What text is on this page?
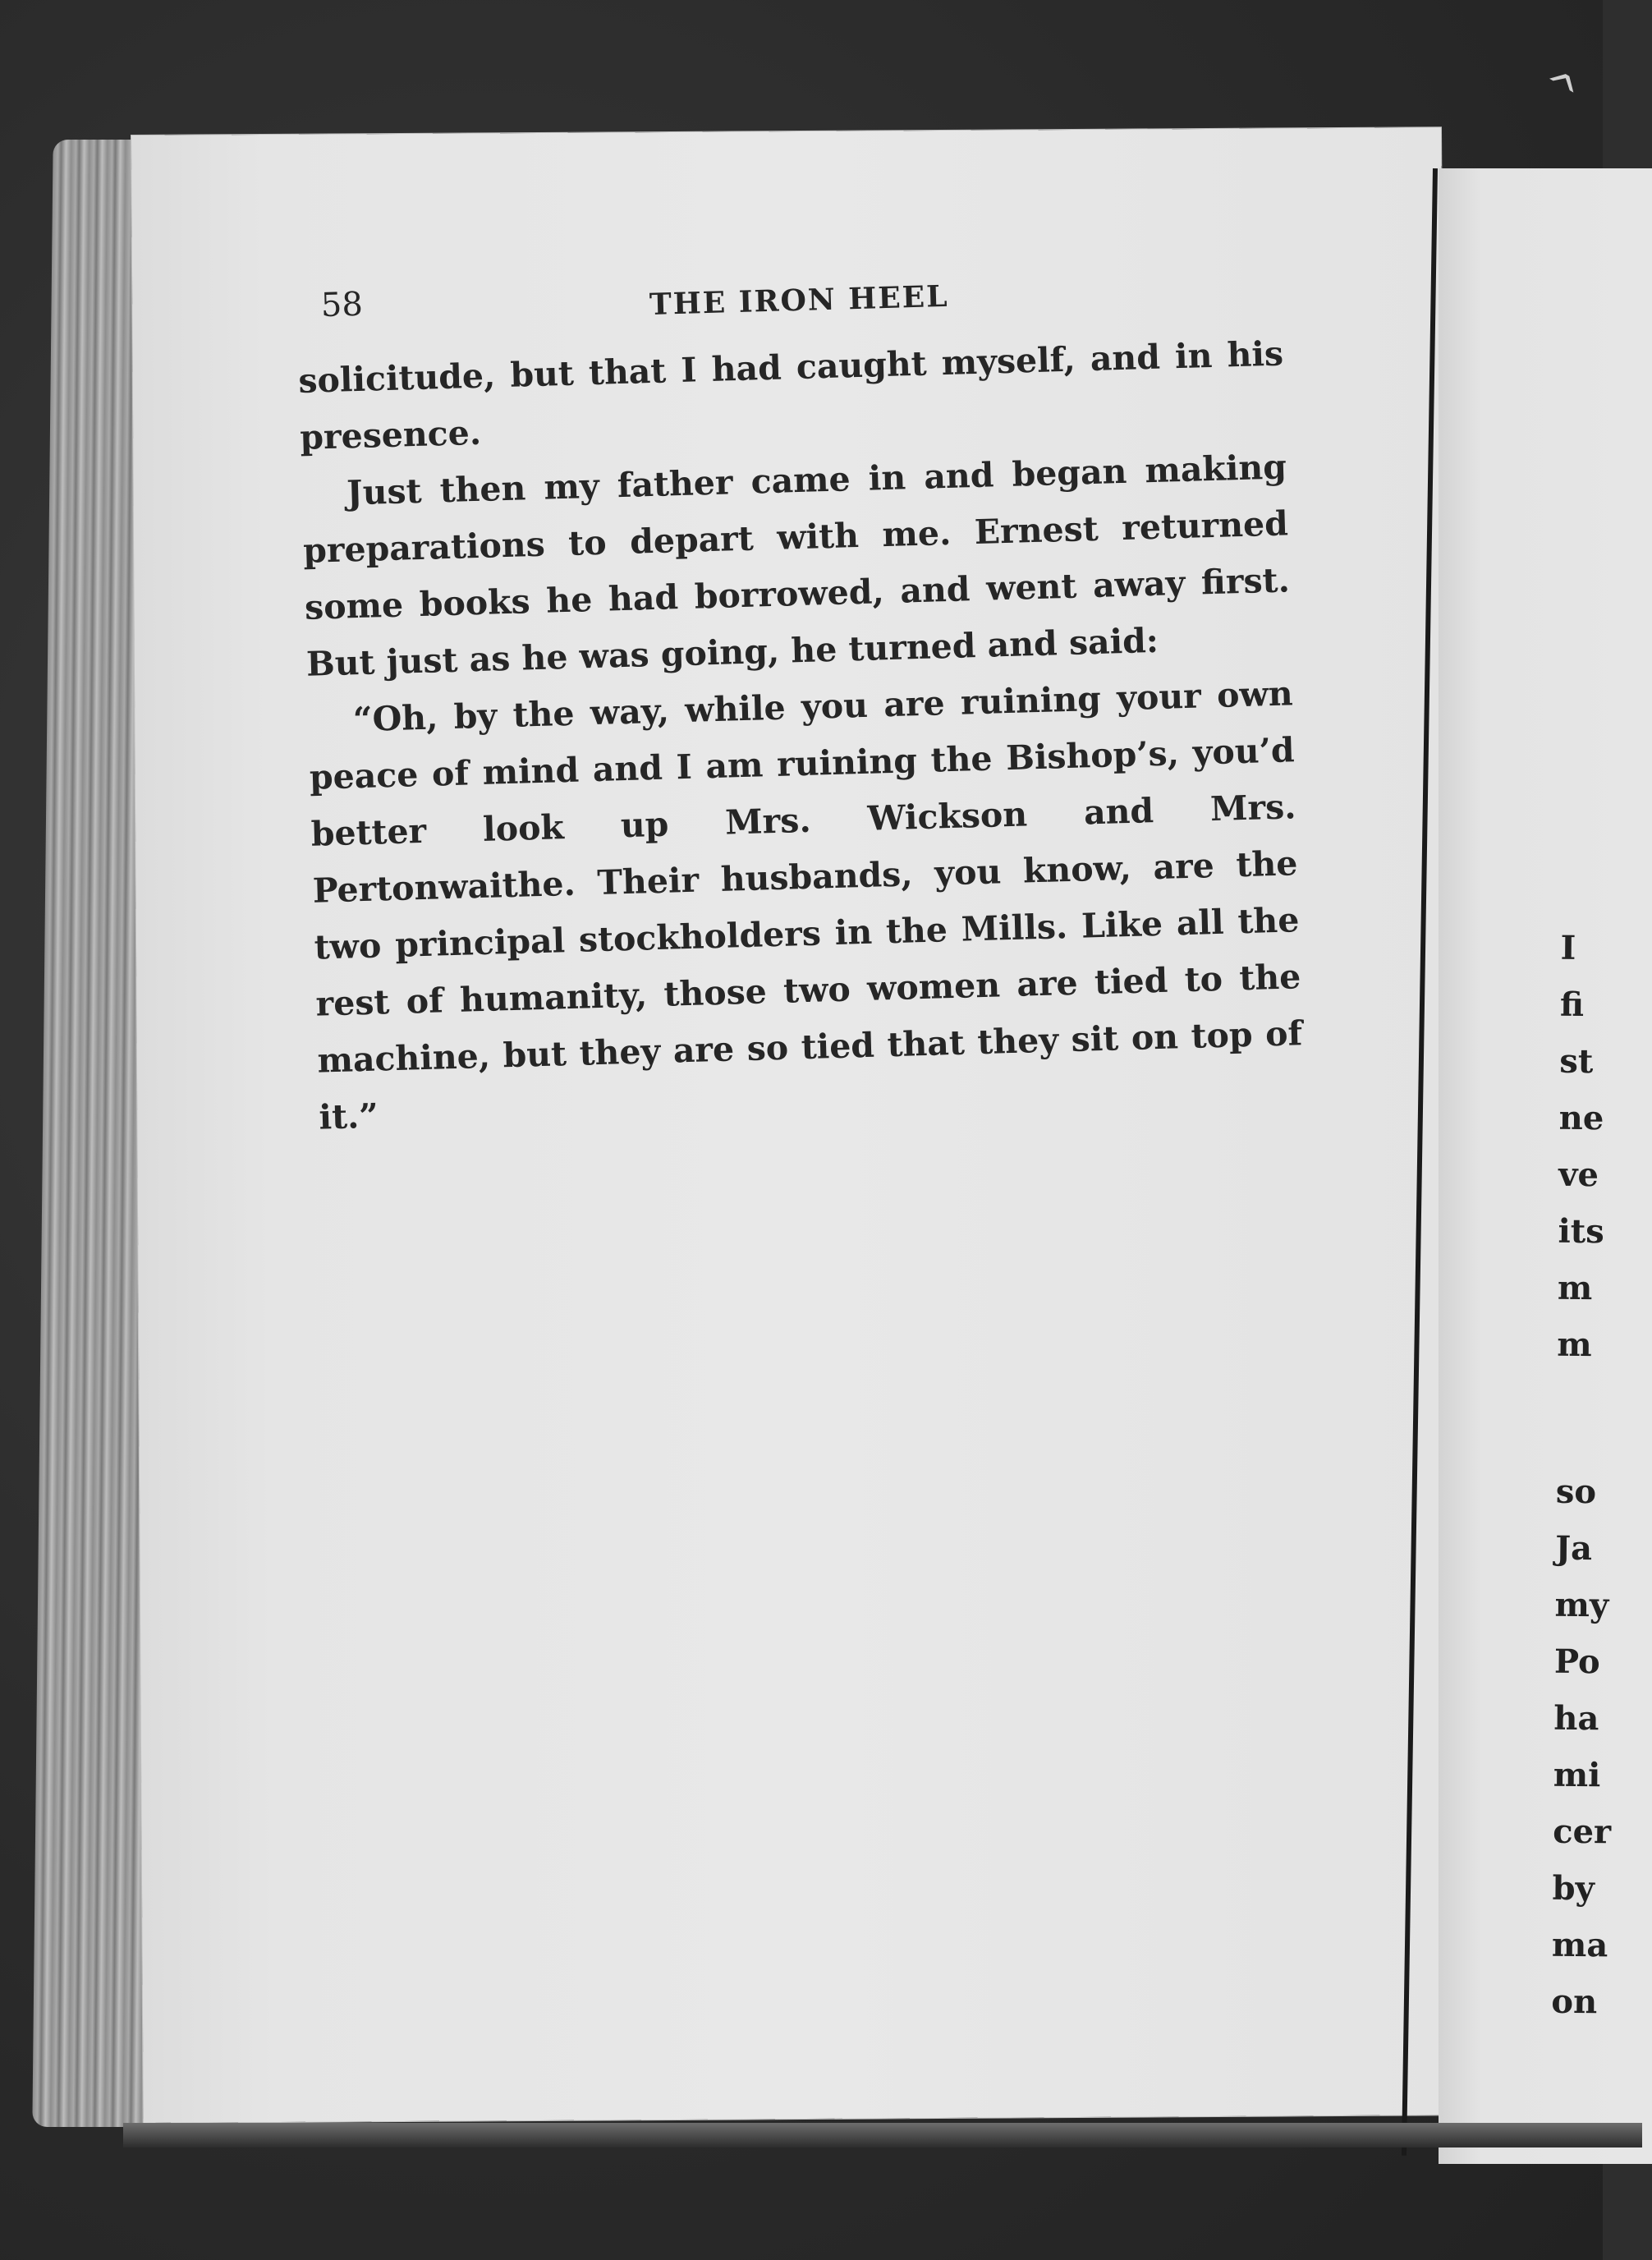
^
58	THE IRON HEEL

solicitude, but that I had caught myself, and in his presence.

Just then my father came in and began making preparations to depart with me. Ernest returned some books he had borrowed, and went away first. But just as he was going, he turned and said:

“Oh, by the way, while you are ruining your own peace of mind and I am ruining the Bishop’s, you’d better look up Mrs. Wickson and Mrs. Pertonwaithe. Their husbands, you know, are the two principal stockholders in the Mills. Like all the rest of humanity, those two women are tied to the machine, but they are so tied that they sit on top of it.”

I
fi
st
ne
ve
its
m
m
so
Ja
my
Po
ha
mi
cer
by
ma
on
